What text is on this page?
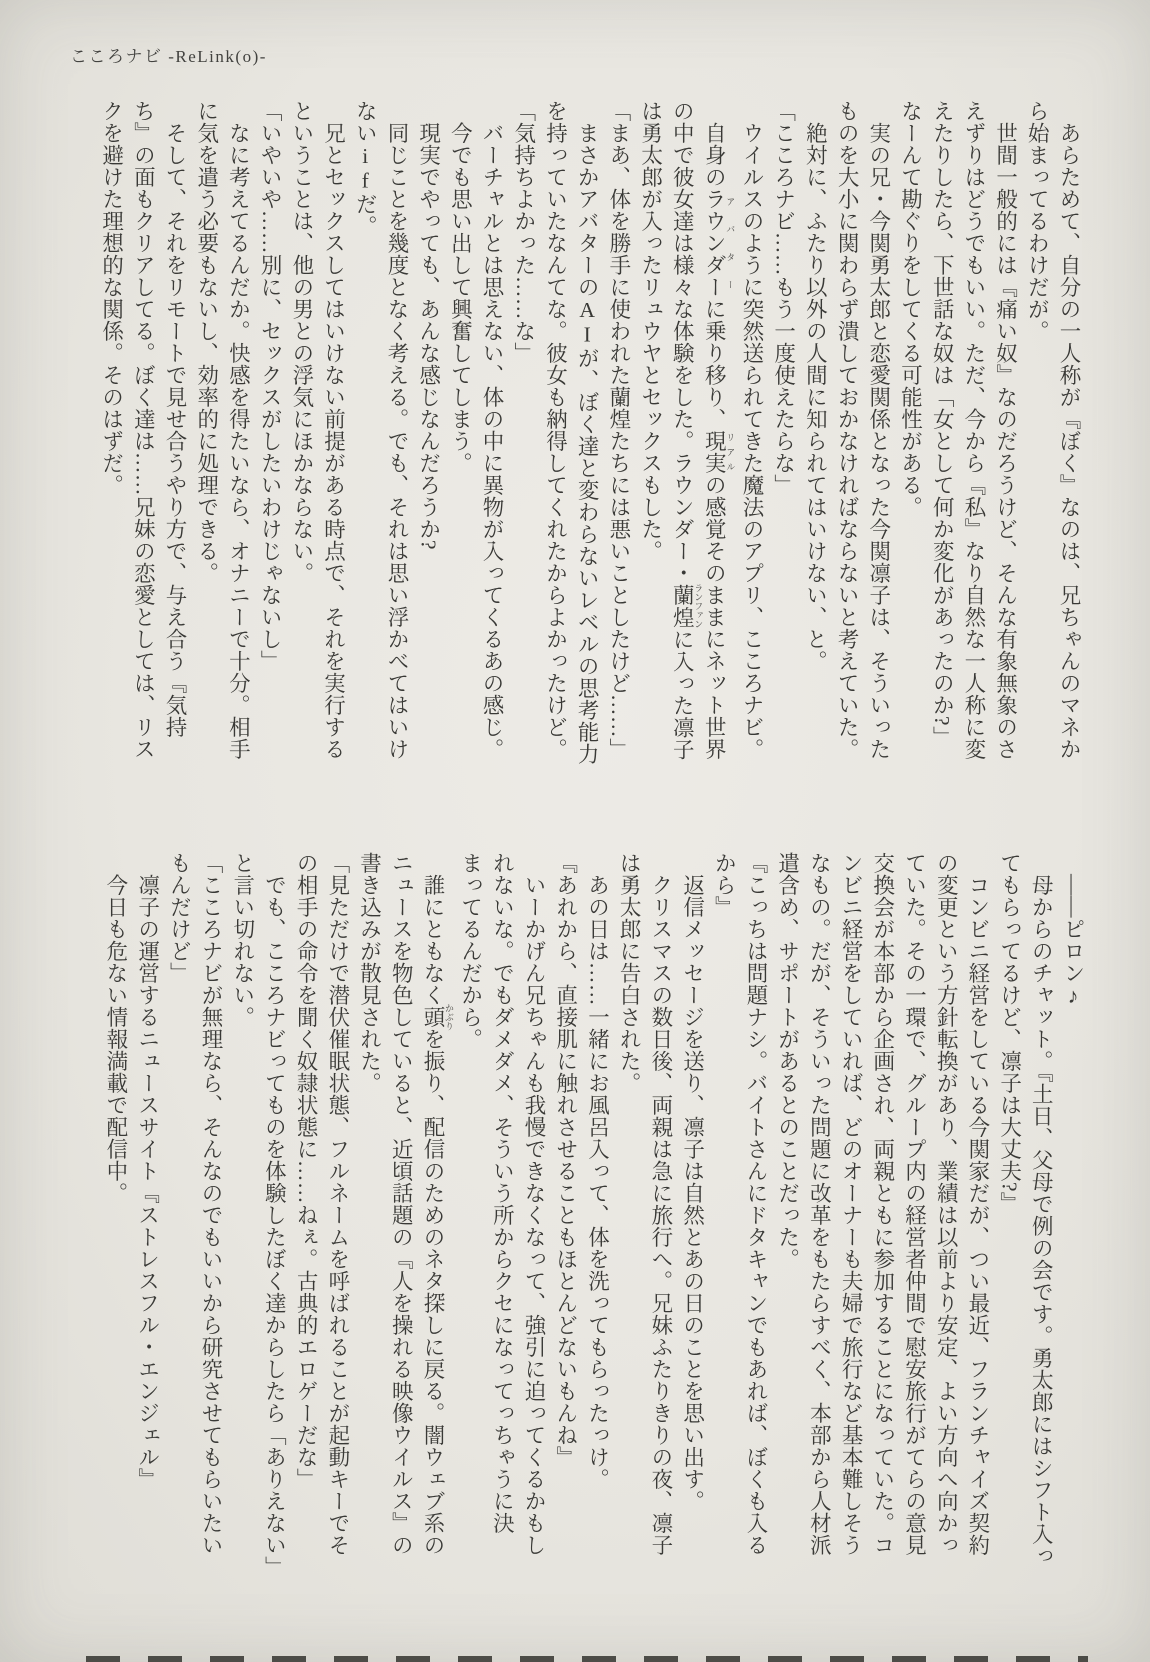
こころナビ -ReLink(o)-

あらためて、自分の一人称が『ぼく』なのは、兄ちゃんのマネから始まってるわけだが。

世間一般的には『痛い奴』なのだろうけど、そんな有象無象のさえずりはどうでもいい。ただ、今から『私』なり自然な一人称に変えたりしたら、下世話な奴は「女として何か変化があったのか?」なーんて勘ぐりをしてくる可能性がある。

実の兄・今関勇太郎と恋愛関係となった今関凛子は、そういったものを大小に関わらず潰しておかなければならないと考えていた。

絶対に、ふたり以外の人間に知られてはいけない、と。

「こころナビ……もう一度使えたらな」

ウイルスのように突然送られてきた魔法のアプリ、こころナビ。

自身のラウンダー アバターに乗り移り、現実 リアルの感覚そのままにネット世界の中で彼女達は様々な体験をした。ラウンダー・蘭煌 ランファンに入った凛子は勇太郎が入ったリュウヤとセックスもした。

「まあ、体を勝手に使われた蘭煌たちには悪いことしたけど……」

まさかアバターのAIが、ぼく達と変わらないレベルの思考能力を持っていたなんてな。彼女も納得してくれたからよかったけど。

「気持ちよかった……な」

バーチャルとは思えない、体の中に異物が入ってくるあの感じ。

今でも思い出して興奮してしまう。

現実でやっても、あんな感じなんだろうか?

同じことを幾度となく考える。でも、それは思い浮かべてはいけないifだ。

兄とセックスしてはいけない前提がある時点で、それを実行するということは、他の男との浮気にほかならない。

「いやいや……別に、セックスがしたいわけじゃないし」

なに考えてるんだか。快感を得たいなら、オナニーで十分。相手に気を遣う必要もないし、効率的に処理できる。

そして、それをリモートで見せ合うやり方で、与え合う『気持ち』の面もクリアしてる。ぼく達は……兄妹の恋愛としては、リスクを避けた理想的な関係。そのはずだ。

――ピロン♪

母からのチャット。『土日、父母で例の会です。勇太郎にはシフト入ってもらってるけど、凛子は大丈夫?』

コンビニ経営をしている今関家だが、つい最近、フランチャイズ契約の変更という方針転換があり、業績は以前より安定、よい方向へ向かっていた。その一環で、グループ内の経営者仲間で慰安旅行がてらの意見交換会が本部から企画され、両親ともに参加することになっていた。コンビニ経営をしていれば、どのオーナーも夫婦で旅行など基本難しそうなもの。だが、そういった問題に改革をもたらすべく、本部から人材派遣含め、サポートがあるとのことだった。

『こっちは問題ナシ。バイトさんにドタキャンでもあれば、ぼくも入るから』

返信メッセージを送り、凛子は自然とあの日のことを思い出す。

クリスマスの数日後、両親は急に旅行へ。兄妹ふたりきりの夜、凛子は勇太郎に告白された。

あの日は……一緒にお風呂入って、体を洗ってもらったっけ。

『あれから、直接肌に触れさせることもほとんどないもんね』

いーかげん兄ちゃんも我慢できなくなって、強引に迫ってくるかもしれないな。でもダメダメ、そういう所からクセになってっちゃうに決まってるんだから。

誰にともなく頭 かぶりを振り、配信のためのネタ探しに戻る。闇ウェブ系のニュースを物色していると、近頃話題の『人を操れる映像ウイルス』の書き込みが散見された。

「見ただけで潜伏催眠状態、フルネームを呼ばれることが起動キーでその相手の命令を聞く奴隷状態に……ねぇ。古典的エロゲーだな」

でも、こころナビってものを体験したぼく達からしたら「ありえない」と言い切れない。

「こころナビが無理なら、そんなのでもいいから研究させてもらいたいもんだけど」

凛子の運営するニュースサイト『ストレスフル・エンジェル』

今日も危ない情報満載で配信中。
